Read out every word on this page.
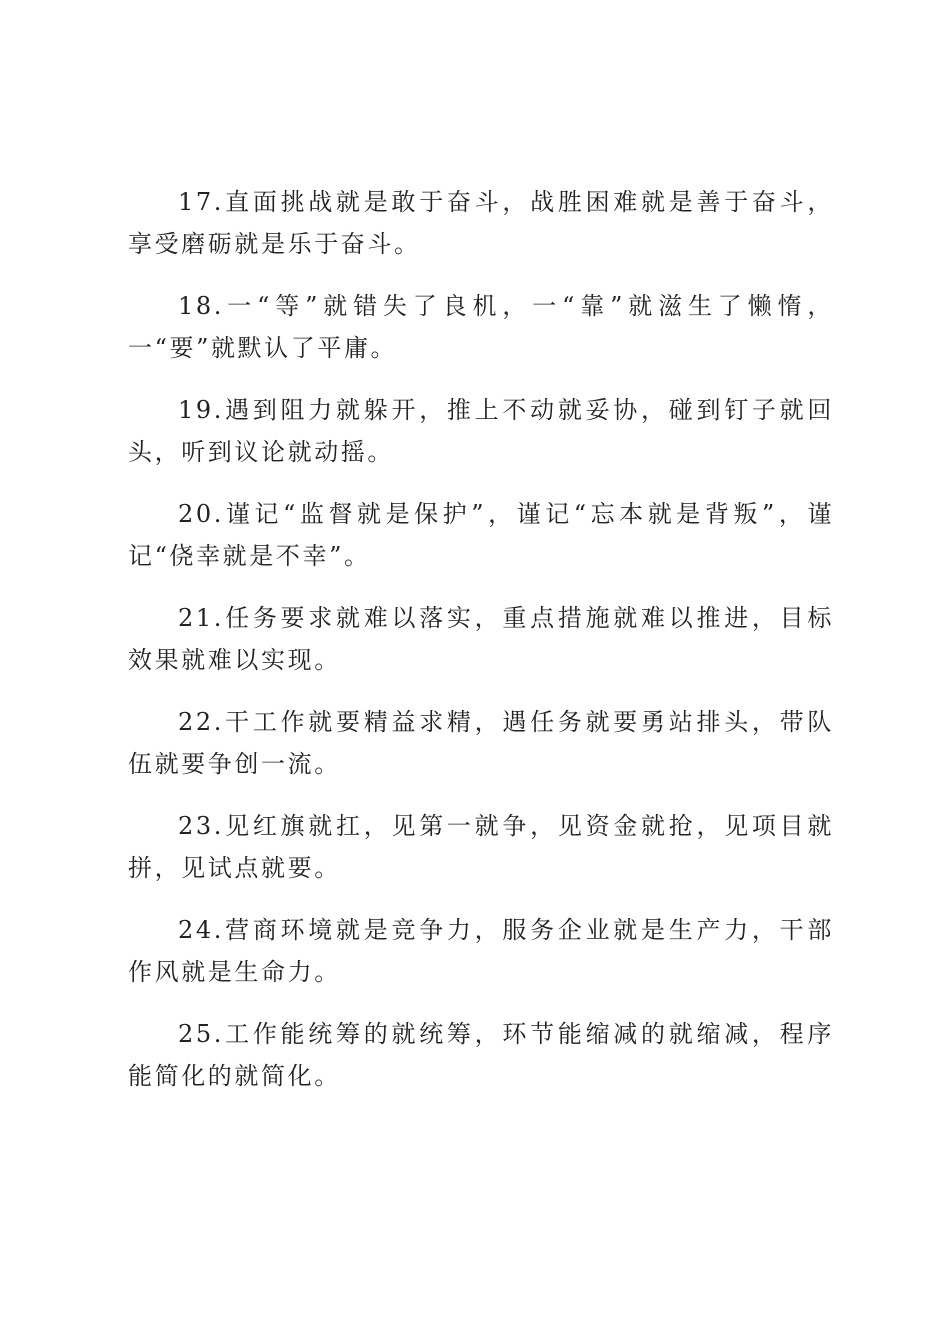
17.直面挑战就是敢于奋斗，战胜困难就是善于奋斗，享受磨砺就是乐于奋斗。

18.一“等”就错失了良机，一“靠”就滋生了懒惰，一“要”就默认了平庸。

19.遇到阻力就躲开，推上不动就妥协，碰到钉子就回头，听到议论就动摇。

20.谨记“监督就是保护”，谨记“忘本就是背叛”，谨记“侥幸就是不幸”。

21.任务要求就难以落实，重点措施就难以推进，目标效果就难以实现。

22.干工作就要精益求精，遇任务就要勇站排头，带队伍就要争创一流。

23.见红旗就扛，见第一就争，见资金就抢，见项目就拼，见试点就要。

24.营商环境就是竞争力，服务企业就是生产力，干部作风就是生命力。

25.工作能统筹的就统筹，环节能缩减的就缩减，程序能简化的就简化。
